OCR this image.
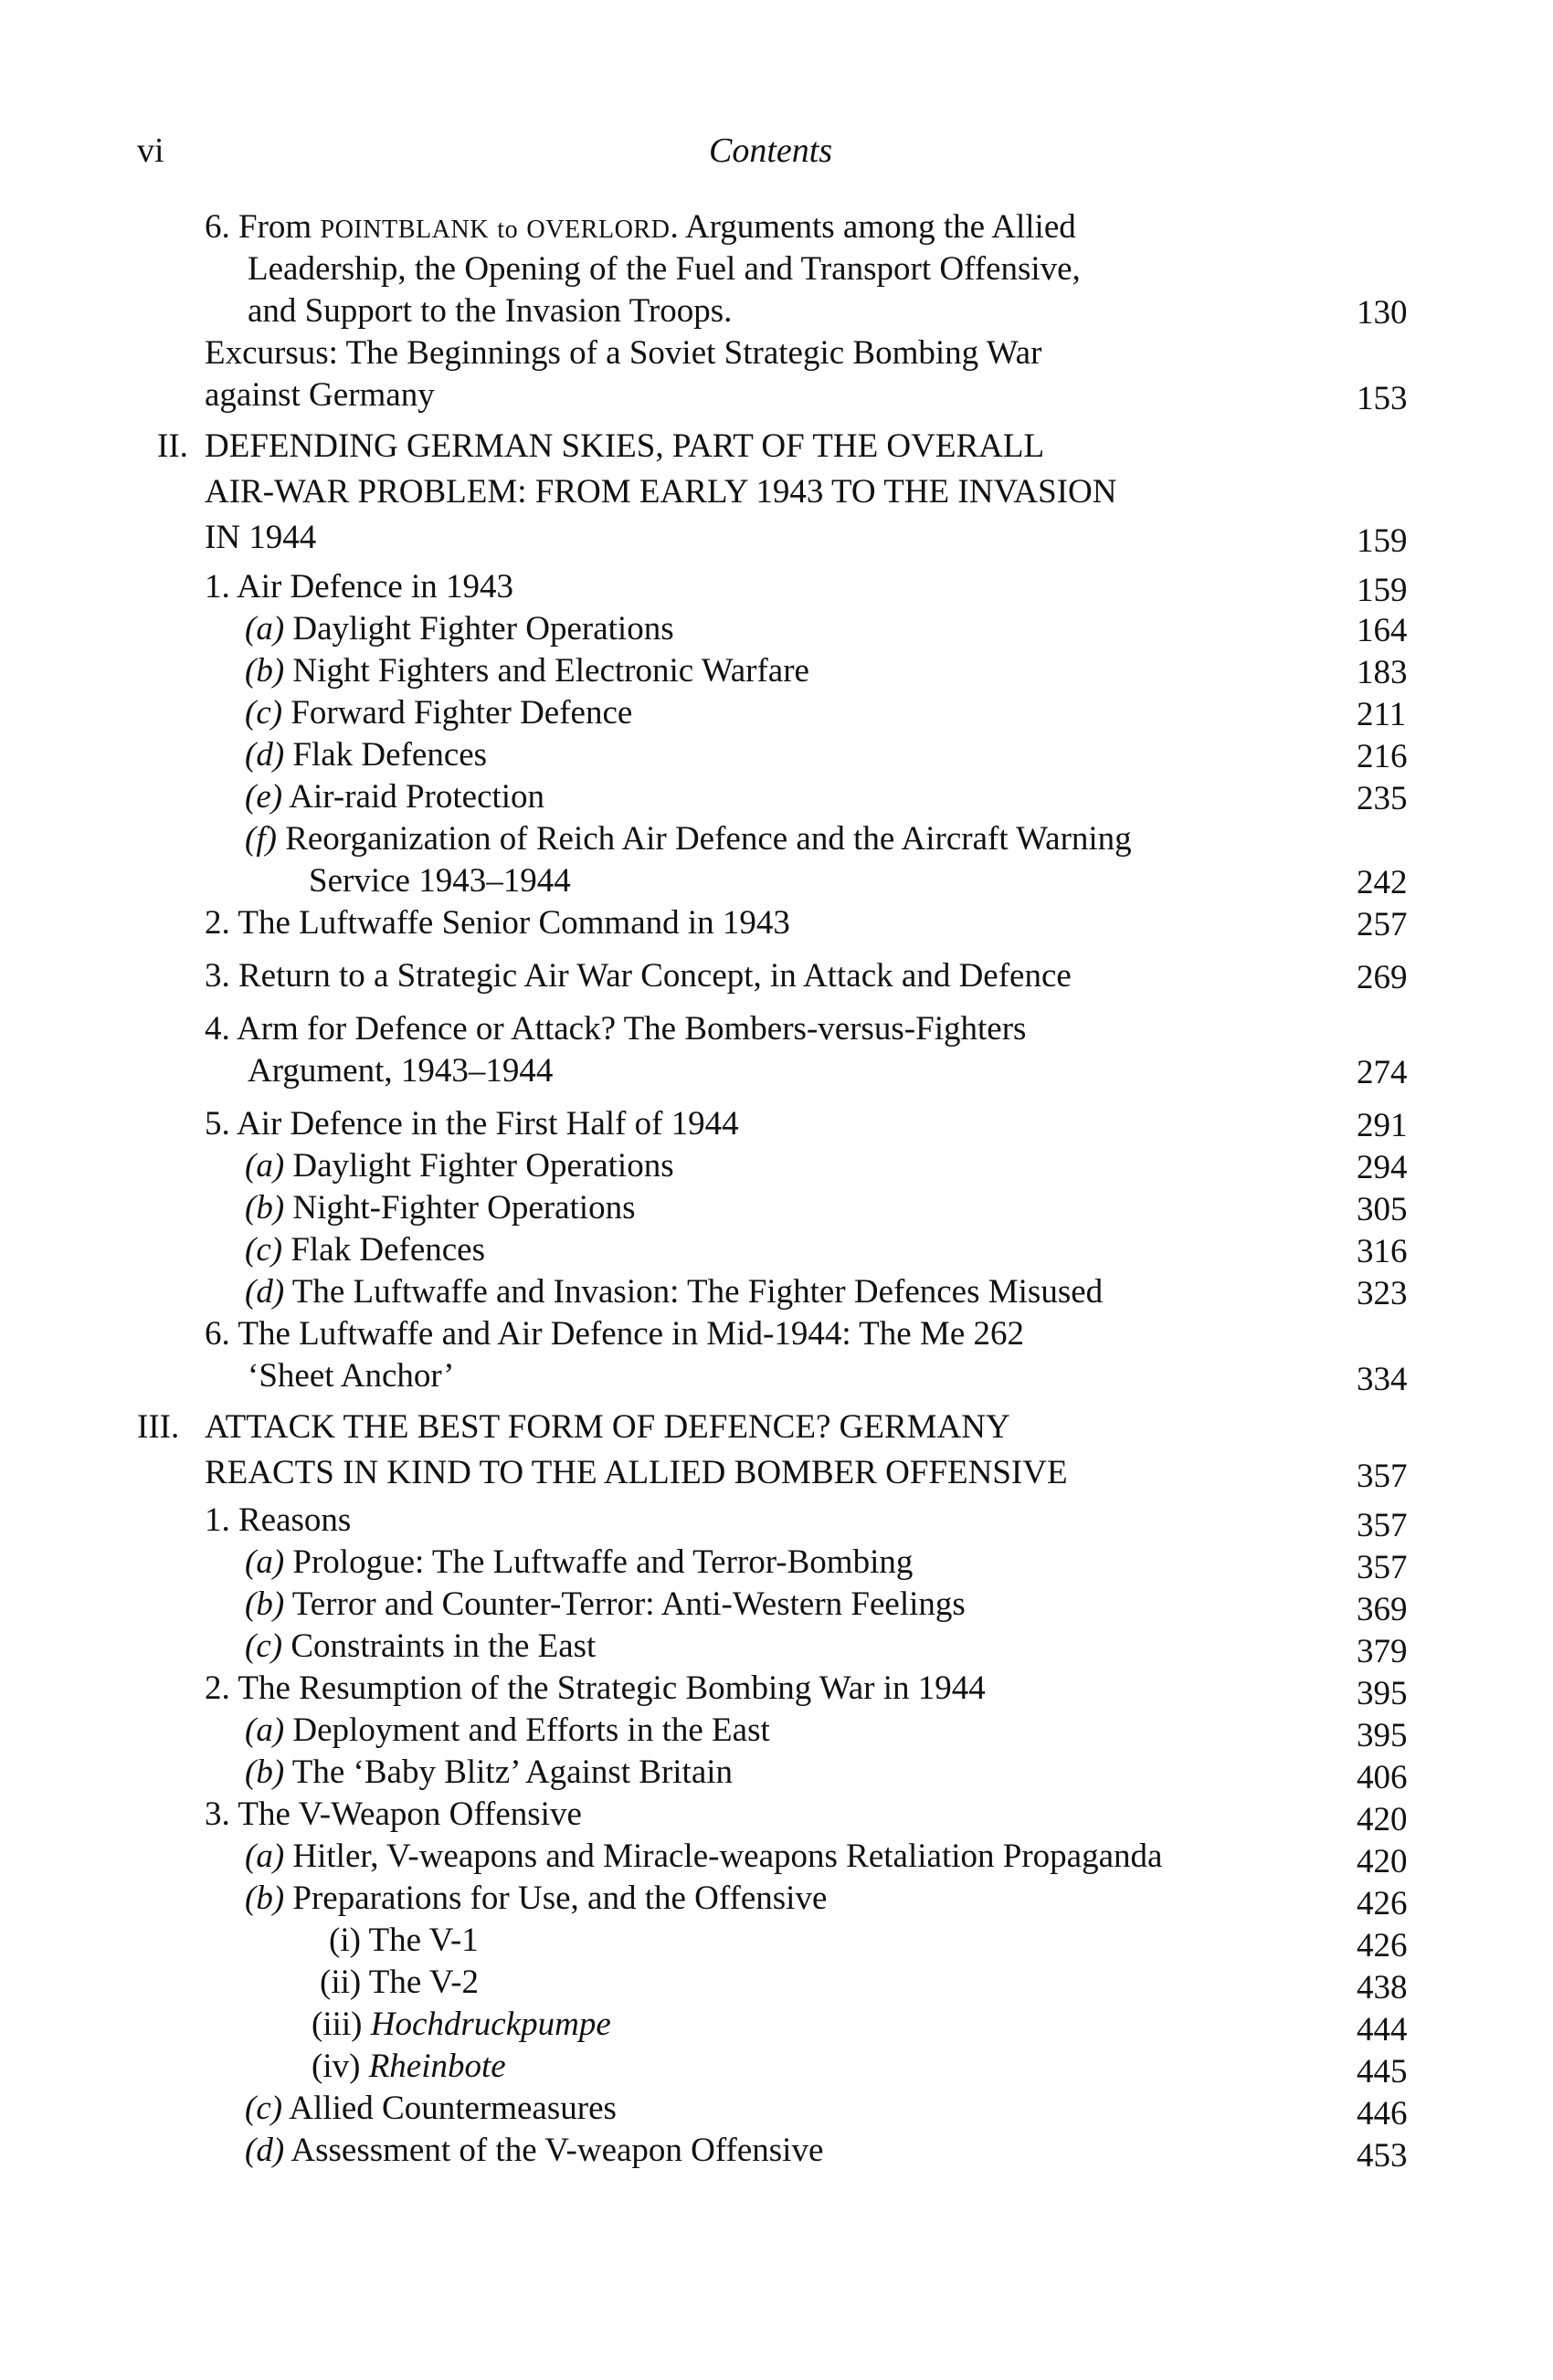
vi	Contents
6. From POINTBLANK to OVERLORD. Arguments among the Allied
Leadership, the Opening of the Fuel and Transport Offensive,
and Support to the Invasion Troops.	130
Excursus: The Beginnings of a Soviet Strategic Bombing War
against Germany	153
II. DEFENDING GERMAN SKIES, PART OF THE OVERALL
AIR-WAR PROBLEM: FROM EARLY 1943 TO THE INVASION
IN 1944	159
1. Air Defence in 1943	159
(a) Daylight Fighter Operations	164
(b) Night Fighters and Electronic Warfare	183
(c) Forward Fighter Defence	211
(d) Flak Defences	216
(e) Air-raid Protection	235
(f) Reorganization of Reich Air Defence and the Aircraft Warning
Service 1943–1944	242
2. The Luftwaffe Senior Command in 1943	257
3. Return to a Strategic Air War Concept, in Attack and Defence	269
4. Arm for Defence or Attack? The Bombers-versus-Fighters
Argument, 1943–1944	274
5. Air Defence in the First Half of 1944	291
(a) Daylight Fighter Operations	294
(b) Night-Fighter Operations	305
(c) Flak Defences	316
(d) The Luftwaffe and Invasion: The Fighter Defences Misused	323
6. The Luftwaffe and Air Defence in Mid-1944: The Me 262
‘Sheet Anchor’	334
III. ATTACK THE BEST FORM OF DEFENCE? GERMANY
REACTS IN KIND TO THE ALLIED BOMBER OFFENSIVE	357
1. Reasons	357
(a) Prologue: The Luftwaffe and Terror-Bombing	357
(b) Terror and Counter-Terror: Anti-Western Feelings	369
(c) Constraints in the East	379
2. The Resumption of the Strategic Bombing War in 1944	395
(a) Deployment and Efforts in the East	395
(b) The ‘Baby Blitz’ Against Britain	406
3. The V-Weapon Offensive	420
(a) Hitler, V-weapons and Miracle-weapons Retaliation Propaganda	420
(b) Preparations for Use, and the Offensive	426
(i) The V-1	426
(ii) The V-2	438
(iii) Hochdruckpumpe	444
(iv) Rheinbote	445
(c) Allied Countermeasures	446
(d) Assessment of the V-weapon Offensive	453
